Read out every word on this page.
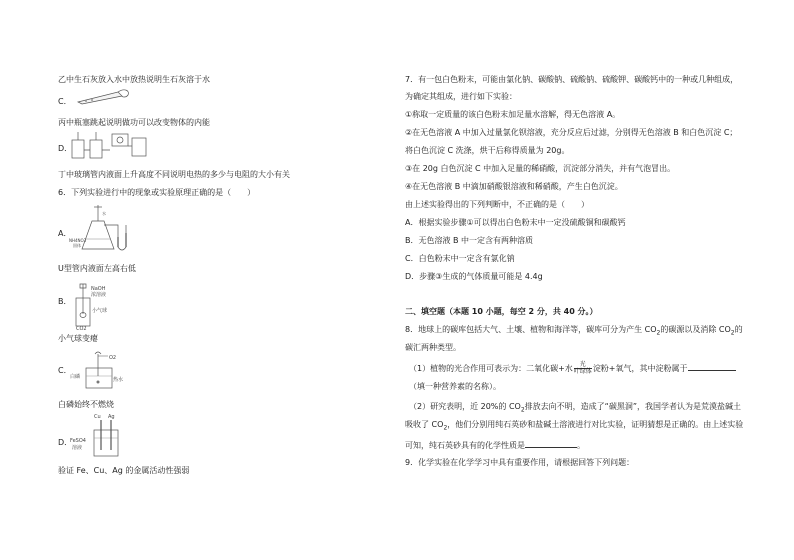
乙中生石灰放入水中放热说明生石灰溶于水
C．
丙中瓶塞跳起说明做功可以改变物体的内能
D．
丁中玻璃管内液面上升高度不同说明电热的多少与电阻的大小有关
6．下列实验进行中的现象或实验原理正确的是（　　）
A．
NH4NO3
固体
水
U型管内液面左高右低
B．
NaOH
浓溶液
小气球
CO2
小气球变瘪
C．
O2
白磷	热水
白磷始终不燃烧
D．
Cu Ag
FeSO4
溶液
验证 Fe、Cu、Ag 的金属活动性强弱
7．有一包白色粉末，可能由氯化钠、碳酸钠、硫酸钠、硫酸钾、碳酸钙中的一种或几种组成，
为确定其组成，进行如下实验：
①称取一定质量的该白色粉末加足量水溶解，得无色溶液 A。
②在无色溶液 A 中加入过量氯化钡溶液，充分反应后过滤，分别得无色溶液 B 和白色沉淀 C；
将白色沉淀 C 洗涤，烘干后称得质量为 20g。
③在 20g 白色沉淀 C 中加入足量的稀硝酸，沉淀部分消失，并有气泡冒出。
④在无色溶液 B 中滴加硝酸银溶液和稀硝酸，产生白色沉淀。
由上述实验得出的下列判断中，不正确的是（　　）
A．根据实验步骤①可以得出白色粉末中一定没硫酸铜和碳酸钙
B．无色溶液 B 中一定含有两种溶质
C．白色粉末中一定含有氯化钠
D．步骤③生成的气体质量可能是 4.4g
二、填空题（本题 10 小题，每空 2 分，共 40 分。）
8．地球上的碳库包括大气、土壤、植物和海洋等，碳库可分为产生 $CO_2$的碳源以及消除 $CO_2$的
碳汇两种类型。
（1）植物的光合作用可表示为：二氧化碳+水 $\frac{\text{光}}{\text{叶绿体}}$ 淀粉+氧气，其中淀粉属于
（填一种营养素的名称）。
（2）研究表明，近 20%的 $CO_2$排放去向不明，造成了“碳黑洞”，我国学者认为是荒漠盐碱土
吸收了 $CO_2$，他们分别用纯石英砂和盐碱土溶液进行对比实验，证明猜想是正确的。由上述实验
可知，纯石英砂具有的化学性质是	。
9．化学实验在化学学习中具有重要作用，请根据回答下列问题：
